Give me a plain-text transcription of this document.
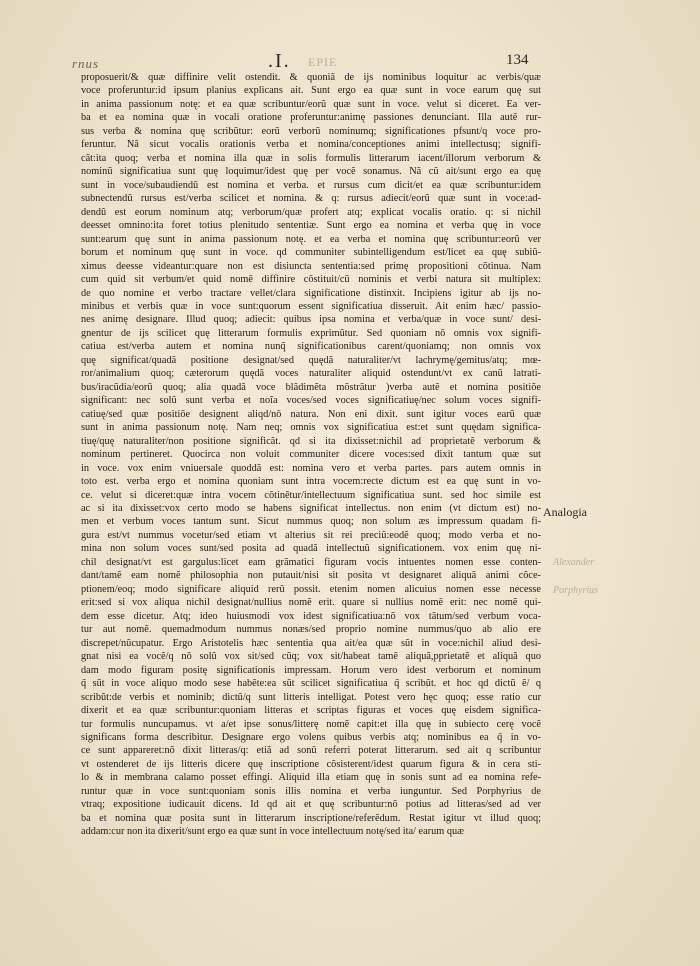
rnus	.I. EPIE	134
proposuerit/& quæ diffinire velit ostendit. & quoniã de ijs nominibus loquitur ac verbis/quæ
voce proferuntur:id ipsum planius explicans ait. Sunt ergo ea quæ sunt in voce earum quę sut
in anima passionum notę: et ea quæ scribuntur/eorũ quæ sunt in voce. velut si diceret. Ea ver-
ba et ea nomina quæ in vocali oratione proferuntur:animę passiones denunciant. Illa autẽ rur-
sus verba & nomina quę scribũtur: eorũ verborũ nominumq; significationes pfsunt/q voce pro-
feruntur. Nã sicut vocalis orationis verba et nomina/conceptiones animi intellectusq; signifi-
cãt:ita quoq; verba et nomina illa quæ in solis formulis litterarum iacent/illorum verborum &
nominũ significatiua sunt quę loquimur/idest quę per vocẽ sonamus. Nã cũ ait/sunt ergo ea quę
sunt in voce/subaudiendũ est nomina et verba. et rursus cum dicit/et ea quæ scribuntur:idem
subnectendũ rursus est/verba scilicet et nomina. & q: rursus adiecit/eorũ quæ sunt in voce:ad-
dendũ est eorum nominum atq; verborum/quæ profert atq; explicat vocalis oratio. q: si nichil
deesset omnino:ita foret totius plenitudo sententiæ. Sunt ergo ea nomina et verba quę in voce
sunt:earum quę sunt in anima passionum notę. et ea verba et nomina quę scribuntur:eorũ ver
borum et nominum quę sunt in voce. qd communiter subintelligendum est/licet ea quę subiũ-
ximus deesse videantur:quare non est disiuncta sententia:sed primę propositioni cõtinua. Nam
cum quid sit verbum/et quid nomẽ diffinire cõstituit/cũ nominis et verbi natura sit multiplex:
de quo nomine et verbo tractare vellet/clara significatione distinxit. Incipiens igitur ab ijs no-
minibus et verbis quæ in voce sunt:quorum essent significatiua disseruit. Ait enim hæc/ passio-
nes animę designare. Illud quoq; adiecit: quibus ipsa nomina et verba/quæ in voce sunt/ desi-
gnentur de ijs scilicet quę litterarum formulis exprimũtur. Sed quoniam nõ omnis vox signifi-
catiua est/verba autem et nomina nunq̃ significationibus carent/quoniamq; non omnis vox
quę significat/quadã positione designat/sed quędã naturaliter/vt lachrymę/gemitus/atq; mœ-
ror/animalium quoq; cæterorum quędã voces naturaliter aliquid ostendunt/vt ex canũ latrati-
bus/iracũdia/eorũ quoq; alia quadã voce blãdimẽta mõstrãtur )verba autẽ et nomina positiõe
significant: nec solũ sunt verba et noĩa voces/sed voces significatiuę/nec solum voces signifi-
catiuę/sed quæ positiõe designent aliqd/nõ natura. Non eni dixit. sunt igitur voces earũ quæ
sunt in anima passionum notę. Nam neq; omnis vox significatiua est:et sunt quędam significa-
tiuę/quę naturaliter/non positione significãt. qd si ita dixisset:nichil ad proprietatẽ verborum &
nominum pertineret. Quocirca non voluit communiter dicere voces:sed dixit tantum quæ sut
in voce. vox enim vniuersale quoddã est: nomina vero et verba partes. pars autem omnis in
toto est. verba ergo et nomina quoniam sunt intra vocem:recte dictum est ea quę sunt in vo-
ce. velut si diceret:quæ intra vocem cõtinẽtur/intellectuum significatiua sunt. sed hoc simile est
ac si ita dixisset:vox certo modo se habens significat intellectus. non enim (vt dictum est) no-
men et verbum voces tantum sunt. Sicut nummus quoq; non solum æs impressum quadam fi-
gura est/vt nummus vocetur/sed etiam vt alterius sit rei preciũ:eodẽ quoq; modo verba et no-
mina non solum voces sunt/sed posita ad quadã intellectuũ significationem. vox enim quę ni-
chil designat/vt est gargulus:licet eam grãmatici figuram vocis intuentes nomen esse conten-
dant/tamẽ eam nomẽ philosophia non putauit/nisi sit posita vt designaret aliquã animi cõce-
ptionem/eoq; modo significare aliquid rerũ possit. etenim nomen alicuius nomen esse necesse
erit:sed si vox aliqua nichil designat/nullius nomẽ erit. quare si nullius nomẽ erit: nec nomẽ qui-
dem esse dicetur. Atq; ideo huiusmodi vox idest significatiua:nõ vox tãtum/sed verbum voca-
tur aut nomẽ. quemadmodum nummus nonæs/sed proprio nomine nummus/quo ab alio ere
discrepet/nũcupatur. Ergo Aristotelis hæc sententia qua ait/ea quæ sũt in voce:nichil aliud desi-
gnat nisi ea vocẽ/q nõ solũ vox sit/sed cũq; vox sit/habeat tamẽ aliquã,pprietatẽ et aliquã quo
dam modo figuram positę significationis impressam. Horum vero idest verborum et nominum
q̃ sũt in voce aliquo modo sese habẽte:ea sũt scilicet significatiua q̃ scribũt. et hoc qd dictũ ẽ/ q
scribũt:de verbis et nominib; dictũ/q sunt litteris intelligat. Potest vero hęc quoq; esse ratio cur
dixerit et ea quæ scribuntur:quoniam litteras et scriptas figuras et voces quę eisdem significa-
tur formulis nuncupamus. vt a/et ipse sonus/litterę nomẽ capit:et illa quę in subiecto cerę vocẽ
significans forma describitur. Designare ergo volens quibus verbis atq; nominibus ea q̃ in vo-
ce sunt appareret:nõ dixit litteras/q: etiã ad sonũ referri poterat litterarum. sed ait q scribuntur
vt ostenderet de ijs litteris dicere quę inscriptione cõsisterent/idest quarum figura & in cera sti-
lo & in membrana calamo posset effingi. Aliquid illa etiam quę in sonis sunt ad ea nomina refe-
runtur quæ in voce sunt:quoniam sonis illis nomina et verba iunguntur. Sed Porphyrius de
vtraq; expositione iudicauit dicens. Id qd ait et quę scribuntur:nõ potius ad litteras/sed ad ver
ba et nomina quæ posita sunt in litterarum inscriptione/referẽdum. Restat igitur vt illud quoq;
addam:cur non ita dixerit/sunt ergo ea quæ sunt in voce intellectuum notę/sed ita/ earum quæ
Analogia
Alexander
Porphyrius
